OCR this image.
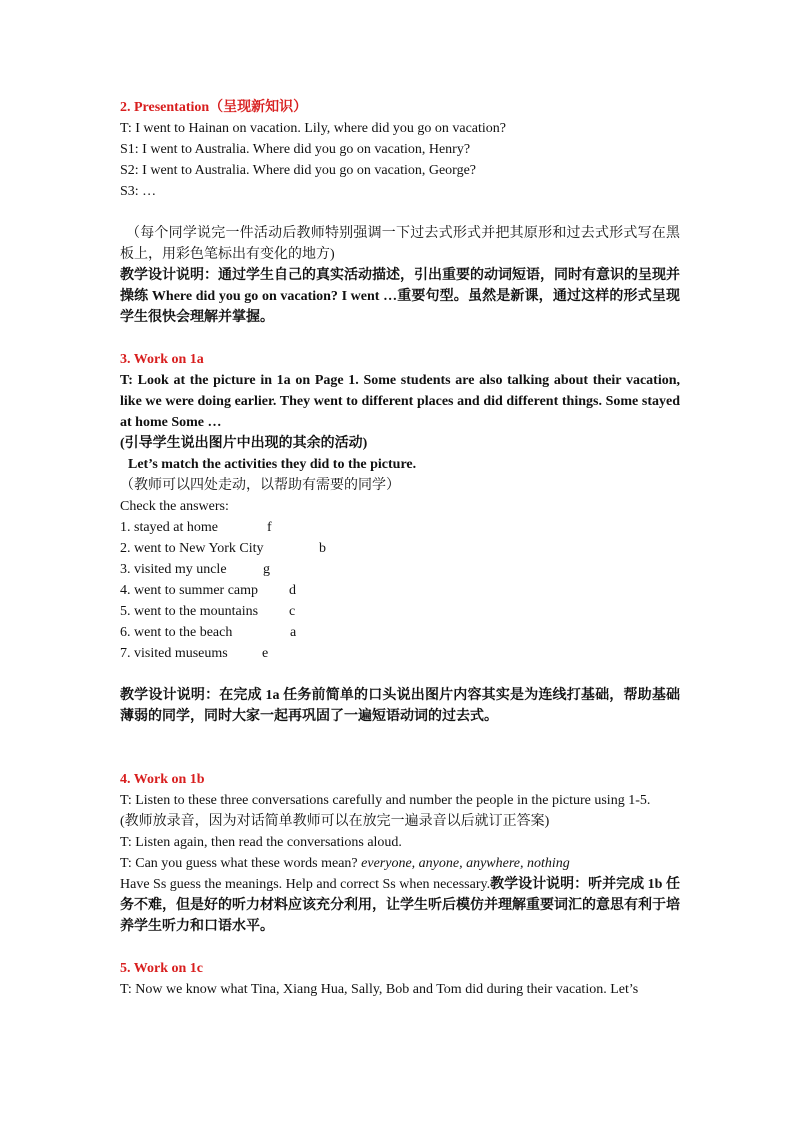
2. Presentation（呈现新知识）

T: I went to Hainan on vacation. Lily, where did you go on vacation?

S1: I went to Australia. Where did you go on vacation, Henry?

S2: I went to Australia. Where did you go on vacation, George?

S3: …

（每个同学说完一件活动后教师特别强调一下过去式形式并把其原形和过去式形式写在黑板上，用彩色笔标出有变化的地方)

教学设计说明：通过学生自己的真实活动描述，引出重要的动词短语，同时有意识的呈现并操练 Where did you go on vacation? I went …重要句型。虽然是新课，通过这样的形式呈现学生很快会理解并掌握。

3. Work on 1a

T: Look at the picture in 1a on Page 1. Some students are also talking about their vacation, like we were doing earlier. They went to different places and did different things. Some stayed at home Some …

(引导学生说出图片中出现的其余的活动)

Let’s match the activities they did to the picture.

（教师可以四处走动，以帮助有需要的同学）

Check the answers:

1. stayed at home	f

2. went to New York City	b

3. visited my uncle	g

4. went to summer camp	d

5. went to the mountains	c

6. went to the beach	a

7. visited museums	e

教学设计说明：在完成 1a 任务前简单的口头说出图片内容其实是为连线打基础，帮助基础薄弱的同学，同时大家一起再巩固了一遍短语动词的过去式。

4. Work on 1b

T: Listen to these three conversations carefully and number the people in the picture using 1-5.

(教师放录音，因为对话简单教师可以在放完一遍录音以后就订正答案)

T: Listen again, then read the conversations aloud.

T: Can you guess what these words mean? everyone, anyone, anywhere, nothing

Have Ss guess the meanings. Help and correct Ss when necessary.教学设计说明：听并完成 1b 任务不难，但是好的听力材料应该充分利用，让学生听后模仿并理解重要词汇的意思有利于培养学生听力和口语水平。

5. Work on 1c

T: Now we know what Tina, Xiang Hua, Sally, Bob and Tom did during their vacation. Let’s
